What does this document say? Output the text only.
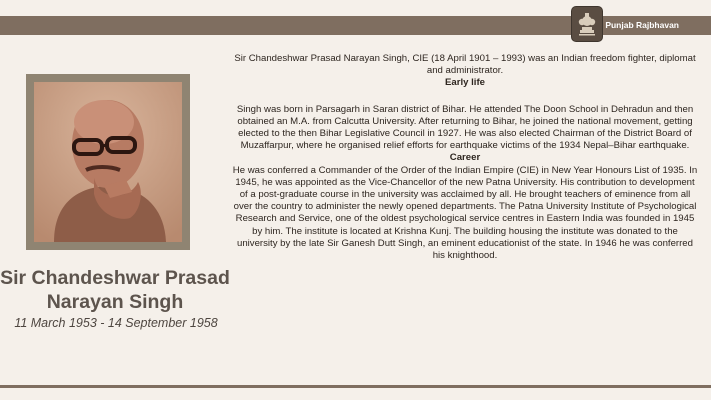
Punjab Rajbhavan
Sir Chandeshwar Prasad Narayan Singh
11 March 1953 - 14 September 1958

Sir Chandeshwar Prasad Narayan Singh, CIE (18 April 1901 – 1993) was an Indian freedom fighter, diplomat and administrator.

Early life

Singh was born in Parsagarh in Saran district of Bihar. He attended The Doon School in Dehradun and then obtained an M.A. from Calcutta University. After returning to Bihar, he joined the national movement, getting elected to the then Bihar Legislative Council in 1927. He was also elected Chairman of the District Board of Muzaffarpur, where he organised relief efforts for earthquake victims of the 1934 Nepal–Bihar earthquake.

Career

He was conferred a Commander of the Order of the Indian Empire (CIE) in New Year Honours List of 1935. In 1945, he was appointed as the Vice-Chancellor of the new Patna University. His contribution to development of a post-graduate course in the university was acclaimed by all. He brought teachers of eminence from all over the country to administer the newly opened departments. The Patna University Institute of Psychological Research and Service, one of the oldest psychological service centres in Eastern India was founded in 1945 by him. The institute is located at Krishna Kunj. The building housing the institute was donated to the university by the late Sir Ganesh Dutt Singh, an eminent educationist of the state. In 1946 he was conferred his knighthood.
